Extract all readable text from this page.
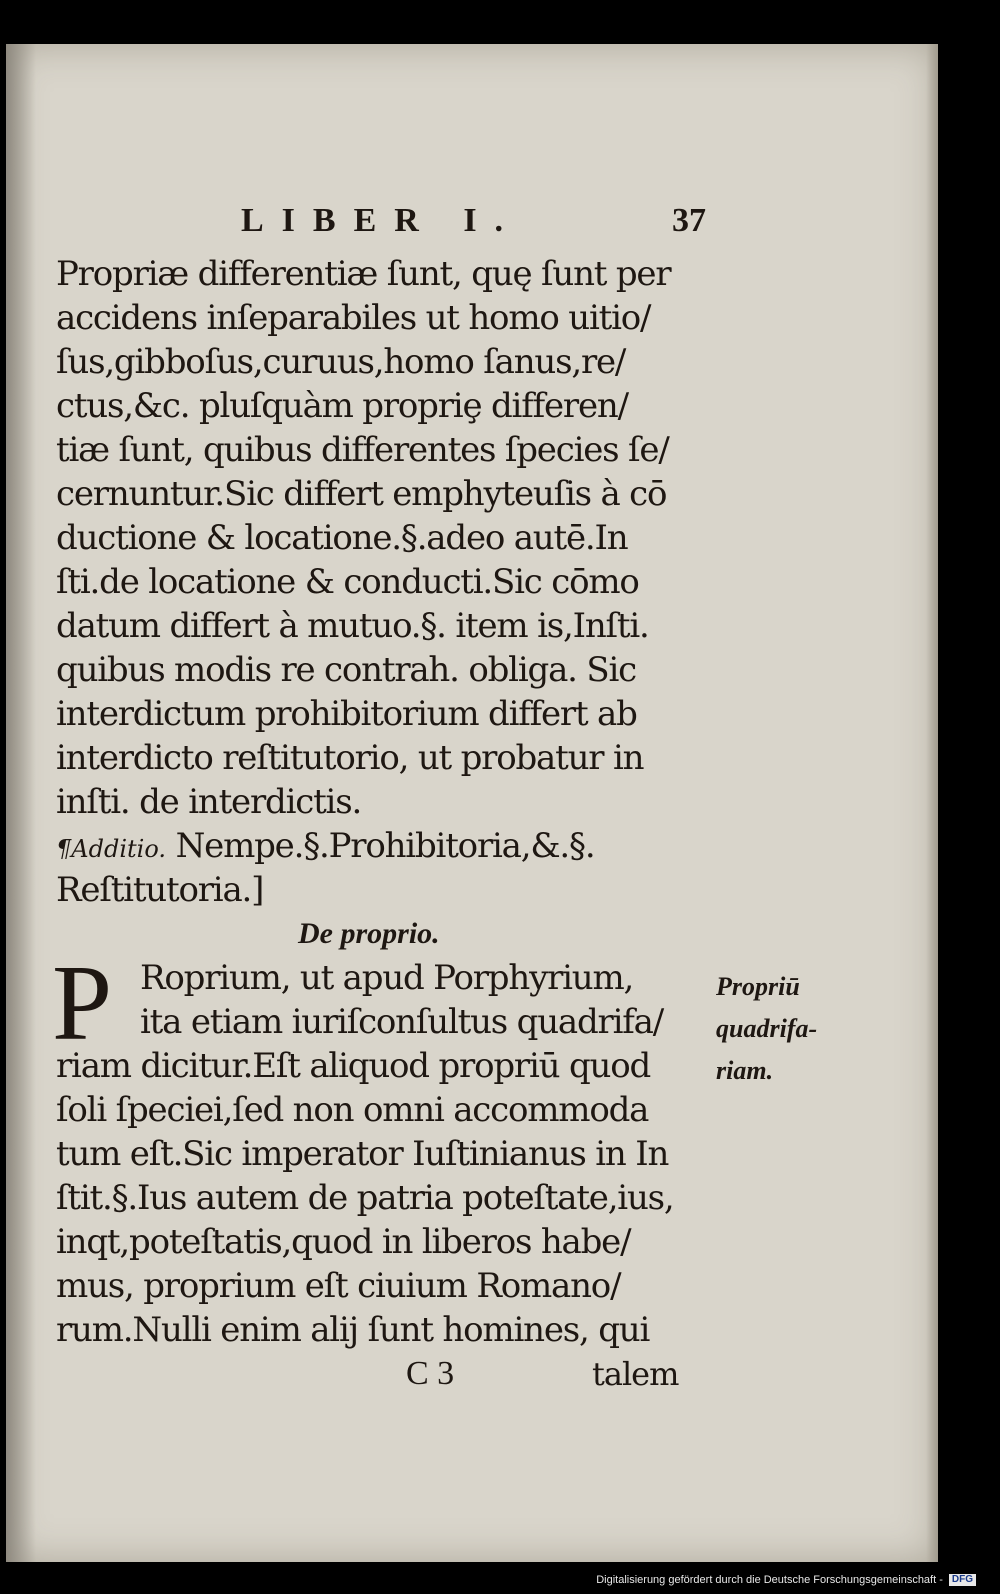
LIBER I.	37
Propriæ differentiæ ſunt, quę ſunt per
accidens inſeparabiles ut homo uitio/
ſus,gibboſus,curuus,homo ſanus,re/
ctus,&c. pluſquàm propriȩ differen/
tiæ ſunt, quibus differentes ſpecies ſe/
cernuntur.Sic differt emphyteuſis à cō
ductione & locatione.§.adeo autē.In
ſti.de locatione & conducti.Sic cōmo
datum differt à mutuo.§. item is,Inſti.
quibus modis re contrah. obliga. Sic
interdictum prohibitorium differt ab
interdicto reſtitutorio, ut probatur in
inſti. de interdictis.
¶Additio. Nempe.§.Prohibitoria,&.§.
Reſtitutoria.]
De proprio.
P Roprium, ut apud Porphyrium,
ita etiam iuriſconſultus quadrifa/
riam dicitur.Eſt aliquod propriū quod
ſoli ſpeciei,ſed non omni accommoda
tum eſt.Sic imperator Iuſtinianus in In
ſtit.§.Ius autem de patria poteſtate,ius,
inqt,poteſtatis,quod in liberos habe/
mus, proprium eſt ciuium Romano/
rum.Nulli enim alij ſunt homines, qui
C 3	talem
Propriū
quadrifa-
riam.
Digitalisierung gefördert durch die Deutsche Forschungsgemeinschaft - DFG
